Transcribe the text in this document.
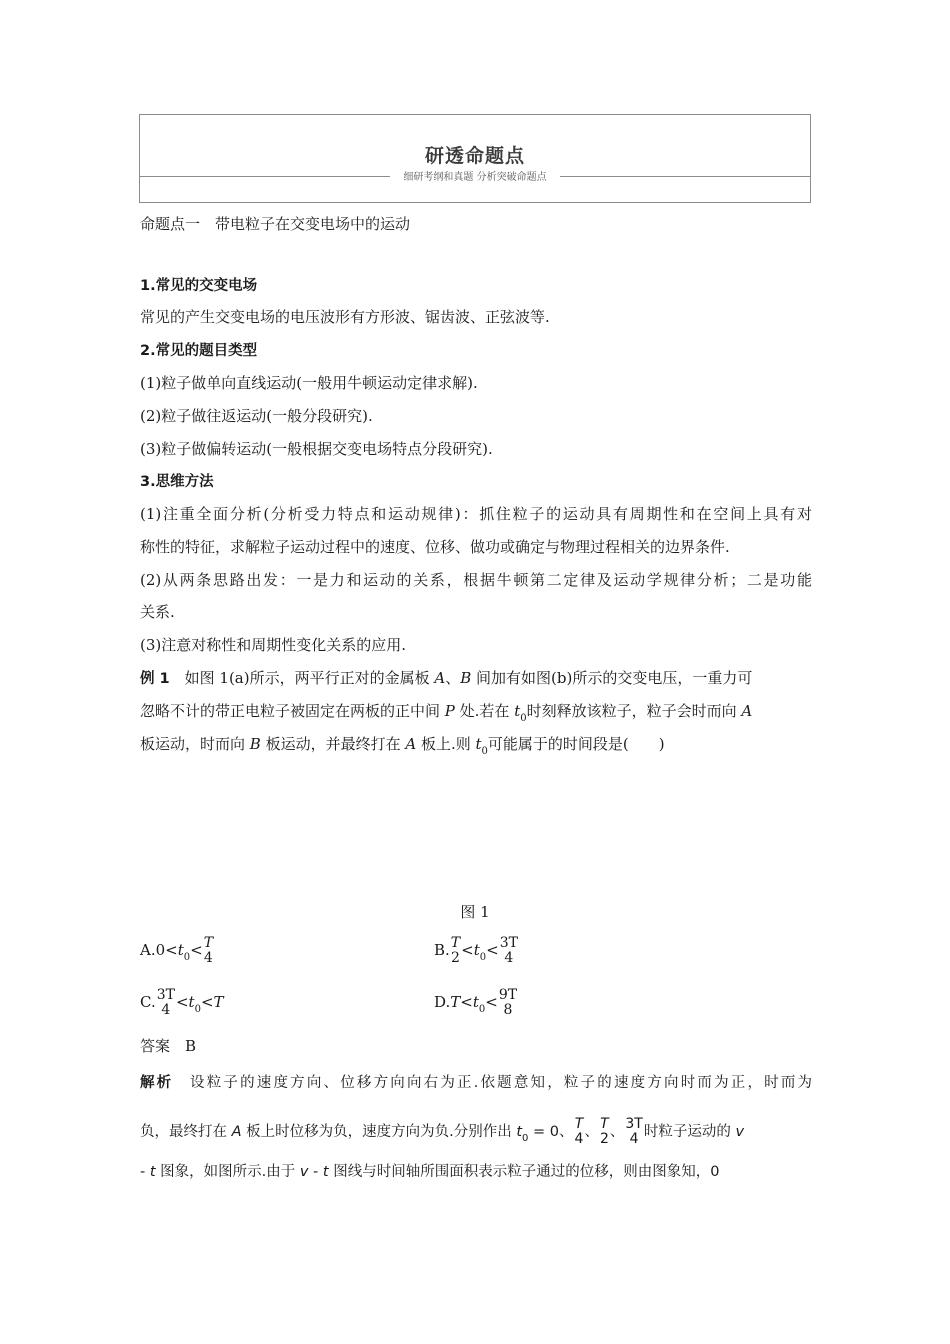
研透命题点
细研考纲和真题 分析突破命题点
命题点一　带电粒子在交变电场中的运动
1.常见的交变电场
常见的产生交变电场的电压波形有方形波、锯齿波、正弦波等.
2.常见的题目类型
(1)粒子做单向直线运动(一般用牛顿运动定律求解).
(2)粒子做往返运动(一般分段研究).
(3)粒子做偏转运动(一般根据交变电场特点分段研究).
3.思维方法
(1)注重全面分析(分析受力特点和运动规律)：抓住粒子的运动具有周期性和在空间上具有对
称性的特征，求解粒子运动过程中的速度、位移、做功或确定与物理过程相关的边界条件.
(2)从两条思路出发：一是力和运动的关系，根据牛顿第二定律及运动学规律分析；二是功能
关系.
(3)注意对称性和周期性变化关系的应用.
例 1　如图 1(a)所示，两平行正对的金属板 A、B 间加有如图(b)所示的交变电压，一重力可
忽略不计的带正电粒子被固定在两板的正中间 P 处.若在 $t_0$时刻释放该粒子，粒子会时而向 A
板运动，时而向 B 板运动，并最终打在 A 板上.则 $t_0$可能属于的时间段是(　　)
图 1
$A.0<t_0< T$
4	B. T
$2 <t_0< 3T$
4
C. 3T
$4 <t_0<T$	$D.T<t_0< 9T$
8
答案　B
解析　设粒子的速度方向、位移方向向右为正.依题意知，粒子的速度方向时而为正，时而为
负，最终打在 A 板上时位移为负，速度方向为负.分别作出 $t_0 = 0$、 T
4 、 T
2 、 3T
4 时粒子运动的 v
- t 图象，如图所示.由于 v - t 图线与时间轴所围面积表示粒子通过的位移，则由图象知，0
